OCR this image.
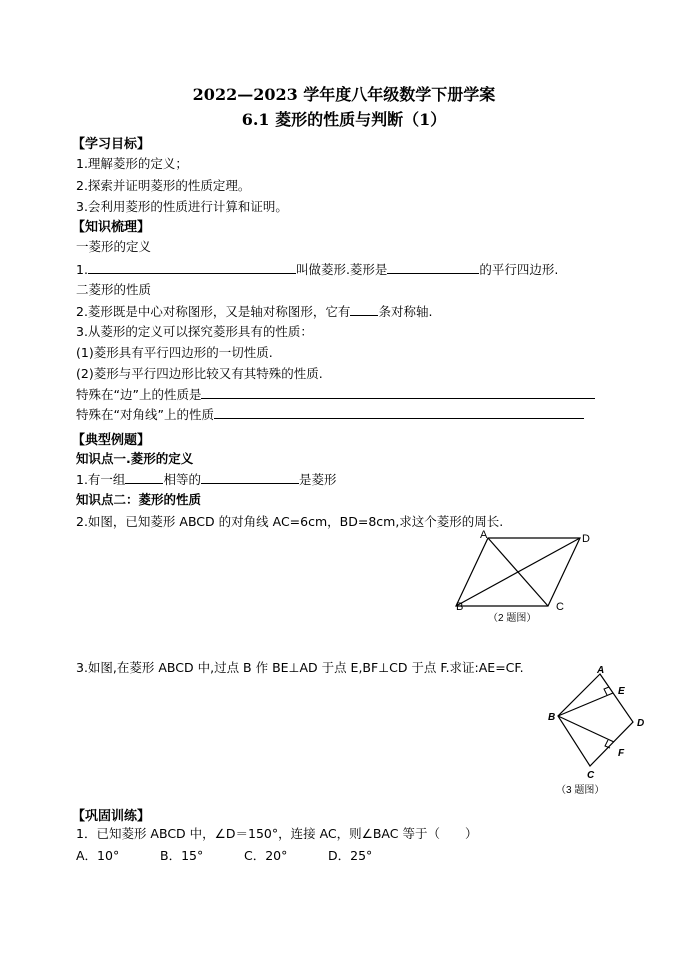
2022—2023 学年度八年级数学下册学案
6.1 菱形的性质与判断（1）
【学习目标】
1.理解菱形的定义；
2.探索并证明菱形的性质定理。
3.会利用菱形的性质进行计算和证明。
【知识梳理】
一菱形的定义
1.	叫做菱形.菱形是	的平行四边形.
二菱形的性质
2.菱形既是中心对称图形，又是轴对称图形，它有 条对称轴.
3.从菱形的定义可以探究菱形具有的性质：
(1)菱形具有平行四边形的一切性质.
(2)菱形与平行四边形比较又有其特殊的性质.
特殊在“边”上的性质是
特殊在“对角线”上的性质
【典型例题】
知识点一.菱形的定义
1.有一组	相等的	是菱形
知识点二：菱形的性质
2.如图，已知菱形 ABCD 的对角线 AC=6cm，BD=8cm,求这个菱形的周长.
A	D
B	C
（2 题图）
3.如图,在菱形 ABCD 中,过点 B 作 BE⊥AD 于点 E,BF⊥CD 于点 F.求证:AE=CF.	A
E
B
D
F
C
（3 题图）
【巩固训练】
1．已知菱形 ABCD 中，∠D＝150°，连接 AC，则∠BAC 等于（　　）
A．10°	B．15°	C．20°	D．25°
